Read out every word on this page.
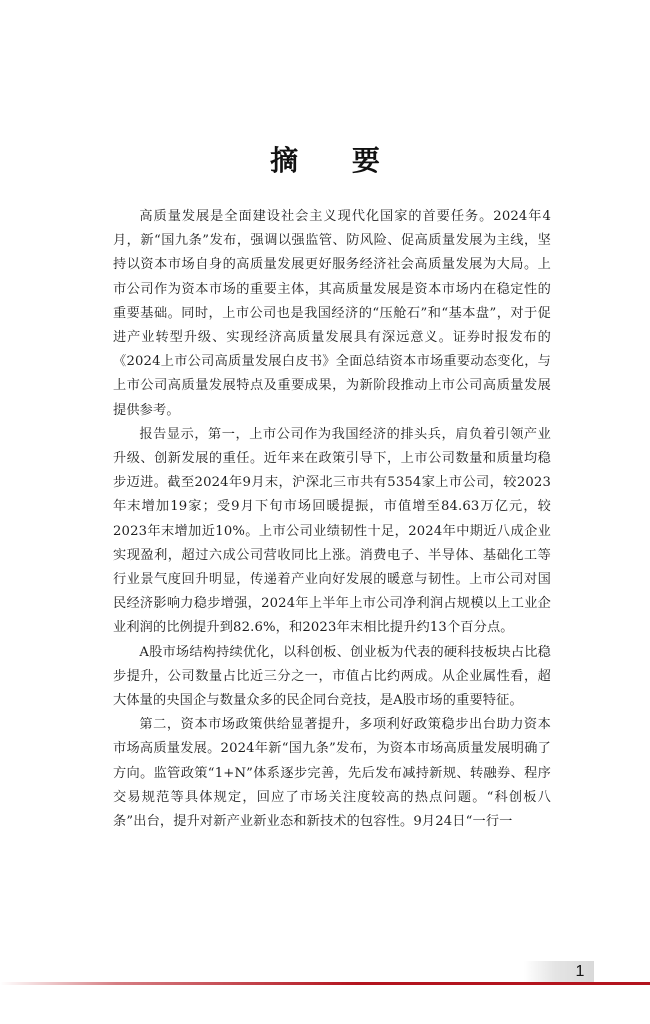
摘 要

高质量发展是全面建设社会主义现代化国家的首要任务。2024年4月，新“国九条”发布，强调以强监管、防风险、促高质量发展为主线，坚持以资本市场自身的高质量发展更好服务经济社会高质量发展为大局。上市公司作为资本市场的重要主体，其高质量发展是资本市场内在稳定性的重要基础。同时，上市公司也是我国经济的“压舱石”和“基本盘”，对于促进产业转型升级、实现经济高质量发展具有深远意义。证券时报发布的《2024上市公司高质量发展白皮书》全面总结资本市场重要动态变化，与上市公司高质量发展特点及重要成果，为新阶段推动上市公司高质量发展提供参考。

报告显示，第一，上市公司作为我国经济的排头兵，肩负着引领产业升级、创新发展的重任。近年来在政策引导下，上市公司数量和质量均稳步迈进。截至2024年9月末，沪深北三市共有5354家上市公司，较2023年末增加19家；受9月下旬市场回暖提振，市值增至84.63万亿元，较2023年末增加近10%。上市公司业绩韧性十足，2024年中期近八成企业实现盈利，超过六成公司营收同比上涨。消费电子、半导体、基础化工等行业景气度回升明显，传递着产业向好发展的暖意与韧性。上市公司对国民经济影响力稳步增强，2024年上半年上市公司净利润占规模以上工业企业利润的比例提升到82.6%，和2023年末相比提升约13个百分点。

A股市场结构持续优化，以科创板、创业板为代表的硬科技板块占比稳步提升，公司数量占比近三分之一，市值占比约两成。从企业属性看，超大体量的央国企与数量众多的民企同台竞技，是A股市场的重要特征。

第二，资本市场政策供给显著提升，多项利好政策稳步出台助力资本市场高质量发展。2024年新“国九条”发布，为资本市场高质量发展明确了方向。监管政策“1+N”体系逐步完善，先后发布减持新规、转融券、程序交易规范等具体规定，回应了市场关注度较高的热点问题。“科创板八条”出台，提升对新产业新业态和新技术的包容性。9月24日“一行一

1
